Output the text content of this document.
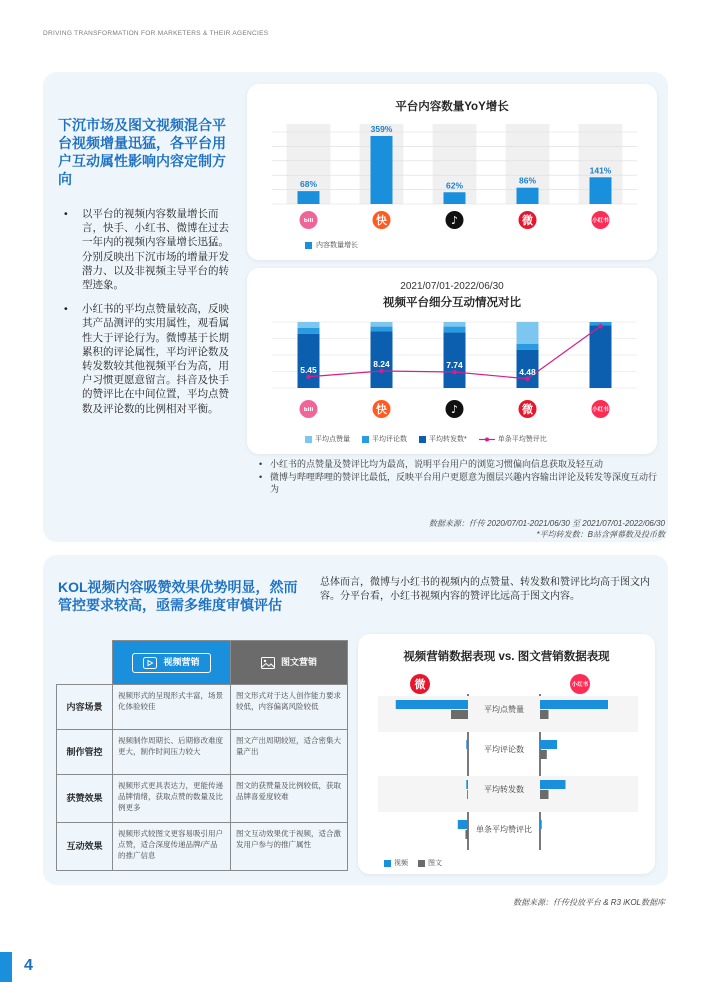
DRIVING TRANSFORMATION FOR MARKETERS & THEIR AGENCIES
下沉市场及图文视频混合平台视频增量迅猛，各平台用户互动属性影响内容定制方向
• 以平台的视频内容数量增长而言，快手、小红书、微博在过去一年内的视频内容量增长迅猛。分别反映出下沉市场的增量开发潜力、以及非视频主导平台的转型迹象。
• 小红书的平均点赞量较高，反映其产品测评的实用属性，观看属性大于评论行为。微博基于长期累积的评论属性，平均评论数及转发数较其他视频平台为高，用户习惯更愿意留言。抖音及快手的赞评比在中间位置，平均点赞数及评论数的比例相对平衡。
平台内容数量YoY增长
68%
bili
359%
快
62%
♪
86%
微
141%
小红书
内容数量增长
2021/07/01-2022/06/30
视频平台细分互动情况对比
bili	快	♪	微	小红书
5.45
8.24	7.74
4.48
30
平均点赞量	平均评论数	平均转发数*	单条平均赞评比
• 小红书的点赞量及赞评比均为最高，说明平台用户的浏览习惯偏向信息获取及轻互动
• 微博与哔哩哔哩的赞评比最低，反映平台用户更愿意为圈层兴趣内容输出评论及转发等深度互动行为
数据来源：仟传 2020/07/01-2021/06/30 至 2021/07/01-2022/06/30
*平均转发数：B站含弹幕数及投币数
KOL视频内容吸赞效果优势明显，然而管控要求较高，亟需多维度审慎评估
总体而言，微博与小红书的视频内的点赞量、转发数和赞评比均高于图文内容。分平台看，小红书视频内容的赞评比远高于图文内容。

	视频营销	图文营销

内容场景	视频形式的呈现形式丰富，场景化体验较佳	图文形式对于达人创作能力要求较低，内容偏离风险较低
制作管控	视频制作周期长、后期修改难度更大，制作时间压力较大	图文产出周期较短，适合密集大量产出
获赞效果	视频形式更具表达力，更能传递品牌情绪，获取点赞的数量及比例更多	图文的获赞量及比例较低，获取品牌喜爱度较难
互动效果	视频形式较图文更容易吸引用户点赞，适合深度传递品牌/产品的推广信息	图文互动效果优于视频，适合激发用户参与的推广属性
视频营销数据表现 vs. 图文营销数据表现
微	小红书
平均点赞量
平均评论数
平均转发数
单条平均赞评比
视频	图文
数据来源：仟传投放平台 & R3 iKOL数据库
4
